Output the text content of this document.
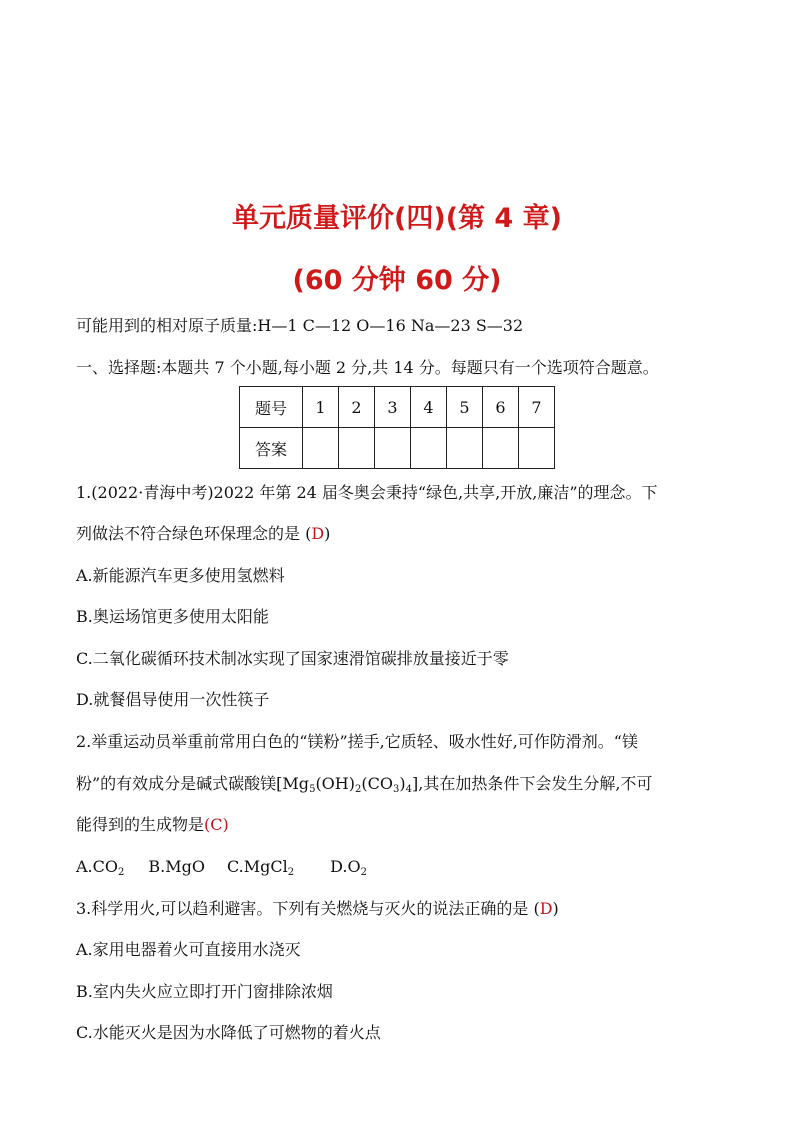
单元质量评价(四)(第 4 章)
(60 分钟 60 分)
可能用到的相对原子质量:H—1 C—12 O—16 Na—23 S—32
一、选择题:本题共 7 个小题,每小题 2 分,共 14 分。每题只有一个选项符合题意。
题号	1	2	3	4	5	6	7
答案							
1.(2022·青海中考)2022 年第 24 届冬奥会秉持“绿色,共享,开放,廉洁”的理念。下
列做法不符合绿色环保理念的是 (D)
A.新能源汽车更多使用氢燃料
B.奥运场馆更多使用太阳能
C.二氧化碳循环技术制冰实现了国家速滑馆碳排放量接近于零
D.就餐倡导使用一次性筷子
2.举重运动员举重前常用白色的“镁粉”搓手,它质轻、吸水性好,可作防滑剂。“镁
粉”的有效成分是碱式碳酸镁$[Mg_5(OH)_2(CO_3)_4]$,其在加热条件下会发生分解,不可
能得到的生成物是(C)
$A.CO_2$ B.MgO C.MgCl$_2$ $D.O_2$
3.科学用火,可以趋利避害。下列有关燃烧与灭火的说法正确的是 (D)
A.家用电器着火可直接用水浇灭
B.室内失火应立即打开门窗排除浓烟
C.水能灭火是因为水降低了可燃物的着火点
